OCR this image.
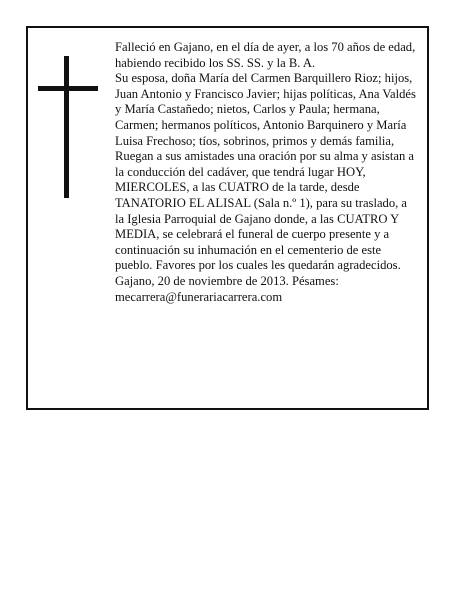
Falleció en Gajano, en el día de ayer, a los 70 años de edad, habiendo recibido los SS. SS. y la B. A.

Su esposa, doña María del Carmen Barquillero Rioz; hijos, Juan Antonio y Francisco Javier; hijas políticas, Ana Valdés y María Castañedo; nietos, Carlos y Paula; hermana, Carmen; hermanos políticos, Antonio Barquinero y María Luisa Frechoso; tíos, sobrinos, primos y demás familia,

Ruegan a sus amistades una oración por su alma y asistan a la conducción del cadáver, que tendrá lugar HOY, MIERCOLES, a las CUATRO de la tarde, desde TANATORIO EL ALISAL (Sala n.º 1), para su traslado, a la Iglesia Parroquial de Gajano donde, a las CUATRO Y MEDIA, se celebrará el funeral de cuerpo presente y a continuación su inhumación en el cementerio de este pueblo. Favores por los cuales les quedarán agradecidos.

Gajano, 20 de noviembre de 2013. Pésames:

mecarrera@funerariacarrera.com
